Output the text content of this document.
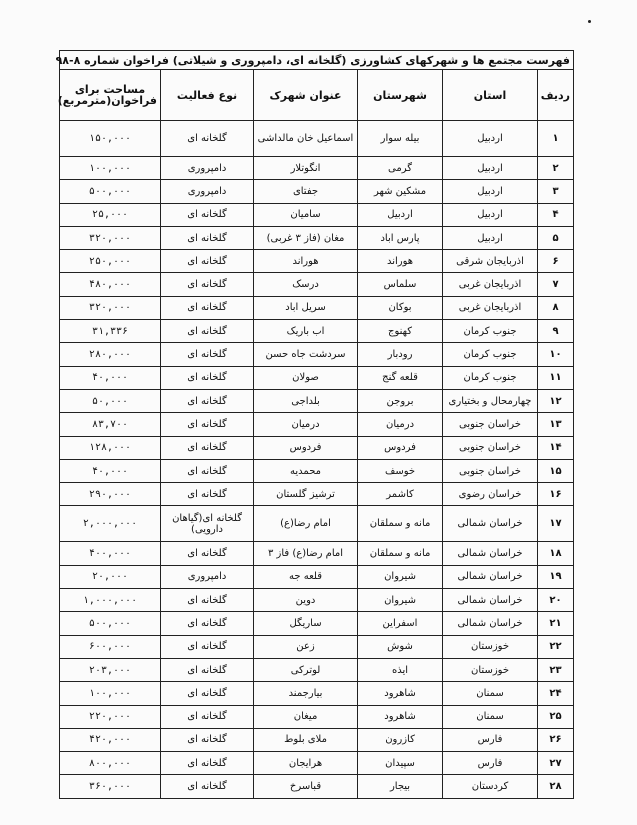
فهرست مجتمع ها و شهرکهای کشاورزی (گلخانه ای، دامپروری و شیلاتی) فراخوان شماره ۸-۹۸					
ردیف	استان	شهرستان	عنوان شهرک	نوع فعالیت	مساحت برای فراخوان(مترمربع)
۱	اردبیل	بیله سوار	اسماعیل خان مالداشی	گلخانه ای	۱۵۰,۰۰۰
۲	اردبیل	گرمی	انگوتلار	دامپروری	۱۰۰,۰۰۰
۳	اردبیل	مشکین شهر	جفتای	دامپروری	۵۰۰,۰۰۰
۴	اردبیل	اردبیل	سامیان	گلخانه ای	۲۵,۰۰۰
۵	اردبیل	پارس اباد	مغان (فاز ۳ غربی)	گلخانه ای	۳۲۰,۰۰۰
۶	اذربایجان شرقی	هوراند	هوراند	گلخانه ای	۲۵۰,۰۰۰
۷	اذربایجان غربی	سلماس	درسک	گلخانه ای	۴۸۰,۰۰۰
۸	اذربایجان غربی	بوکان	سریل اباد	گلخانه ای	۳۲۰,۰۰۰
۹	جنوب کرمان	کهنوج	اب باریک	گلخانه ای	۳۱,۳۳۶
۱۰	جنوب کرمان	رودبار	سردشت جاه حسن	گلخانه ای	۲۸۰,۰۰۰
۱۱	جنوب کرمان	قلعه گنج	صولان	گلخانه ای	۴۰,۰۰۰
۱۲	چهارمحال و بختیاری	بروجن	بلداجی	گلخانه ای	۵۰,۰۰۰
۱۳	خراسان جنوبی	درمیان	درمیان	گلخانه ای	۸۳,۷۰۰
۱۴	خراسان جنوبی	فردوس	فردوس	گلخانه ای	۱۲۸,۰۰۰
۱۵	خراسان جنوبی	خوسف	محمدیه	گلخانه ای	۴۰,۰۰۰
۱۶	خراسان رضوی	کاشمر	ترشیز گلستان	گلخانه ای	۲۹۰,۰۰۰
۱۷	خراسان شمالی	مانه و سملقان	امام رضا(ع)	گلخانه ای(گیاهان دارویی)	۲,۰۰۰,۰۰۰
۱۸	خراسان شمالی	مانه و سملقان	امام رضا(ع) فاز ۳	گلخانه ای	۴۰۰,۰۰۰
۱۹	خراسان شمالی	شیروان	قلعه جه	دامپروری	۲۰,۰۰۰
۲۰	خراسان شمالی	شیروان	دوین	گلخانه ای	۱,۰۰۰,۰۰۰
۲۱	خراسان شمالی	اسفراین	ساریگل	گلخانه ای	۵۰۰,۰۰۰
۲۲	خوزستان	شوش	زعن	گلخانه ای	۶۰۰,۰۰۰
۲۳	خوزستان	ایذه	لوترکی	گلخانه ای	۲۰۳,۰۰۰
۲۴	سمنان	شاهرود	بیارجمند	گلخانه ای	۱۰۰,۰۰۰
۲۵	سمنان	شاهرود	میغان	گلخانه ای	۲۲۰,۰۰۰
۲۶	فارس	کازرون	ملای بلوط	گلخانه ای	۴۲۰,۰۰۰
۲۷	فارس	سپیدان	هرایجان	گلخانه ای	۸۰۰,۰۰۰
۲۸	کردستان	بیجار	قباسرخ	گلخانه ای	۳۶۰,۰۰۰
